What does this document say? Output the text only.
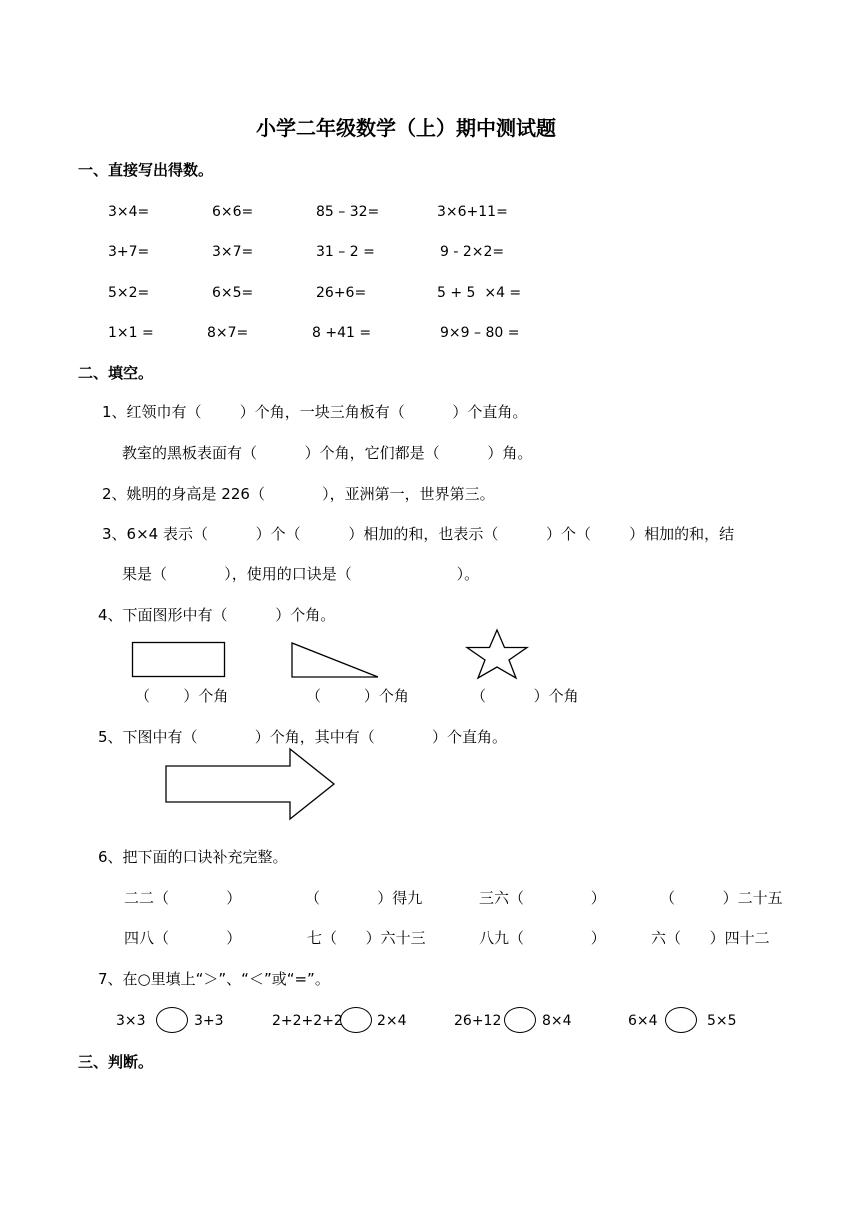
小学二年级数学（上）期中测试题
一、直接写出得数。
3×4=	6×6=	85 – 32=	3×6+11=
3+7=	3×7=	31 – 2 =	9 - 2×2=
5×2=	6×5=	26+6=	5 + 5  ×4 =
1×1 =	8×7=	8 +41 =	9×9 – 80 =
二、填空。
1、红领巾有（        ）个角，一块三角板有（          ）个直角。
教室的黑板表面有（          ）个角，它们都是（          ）角。
2、姚明的身高是 226（            ），亚洲第一，世界第三。
3、6×4 表示（          ）个（          ）相加的和，也表示（          ）个（        ）相加的和，结
果是（            ），使用的口诀是（                      ）。
4、下面图形中有（          ）个角。
（       ）个角	（         ）个角	（          ）个角
5、下图中有（            ）个角，其中有（            ）个直角。
6、把下面的口诀补充完整。
二二（            ）	（            ）得九	三六（              ）	（          ）二十五
四八（            ）	七（      ）六十三	八九（              ）	六（      ）四十二
7、在○里填上“＞”、“＜”或“=”。
3×3	3+3	2+2+2+2 2×4	26+12	8×4	6×4	5×5
三、判断。
